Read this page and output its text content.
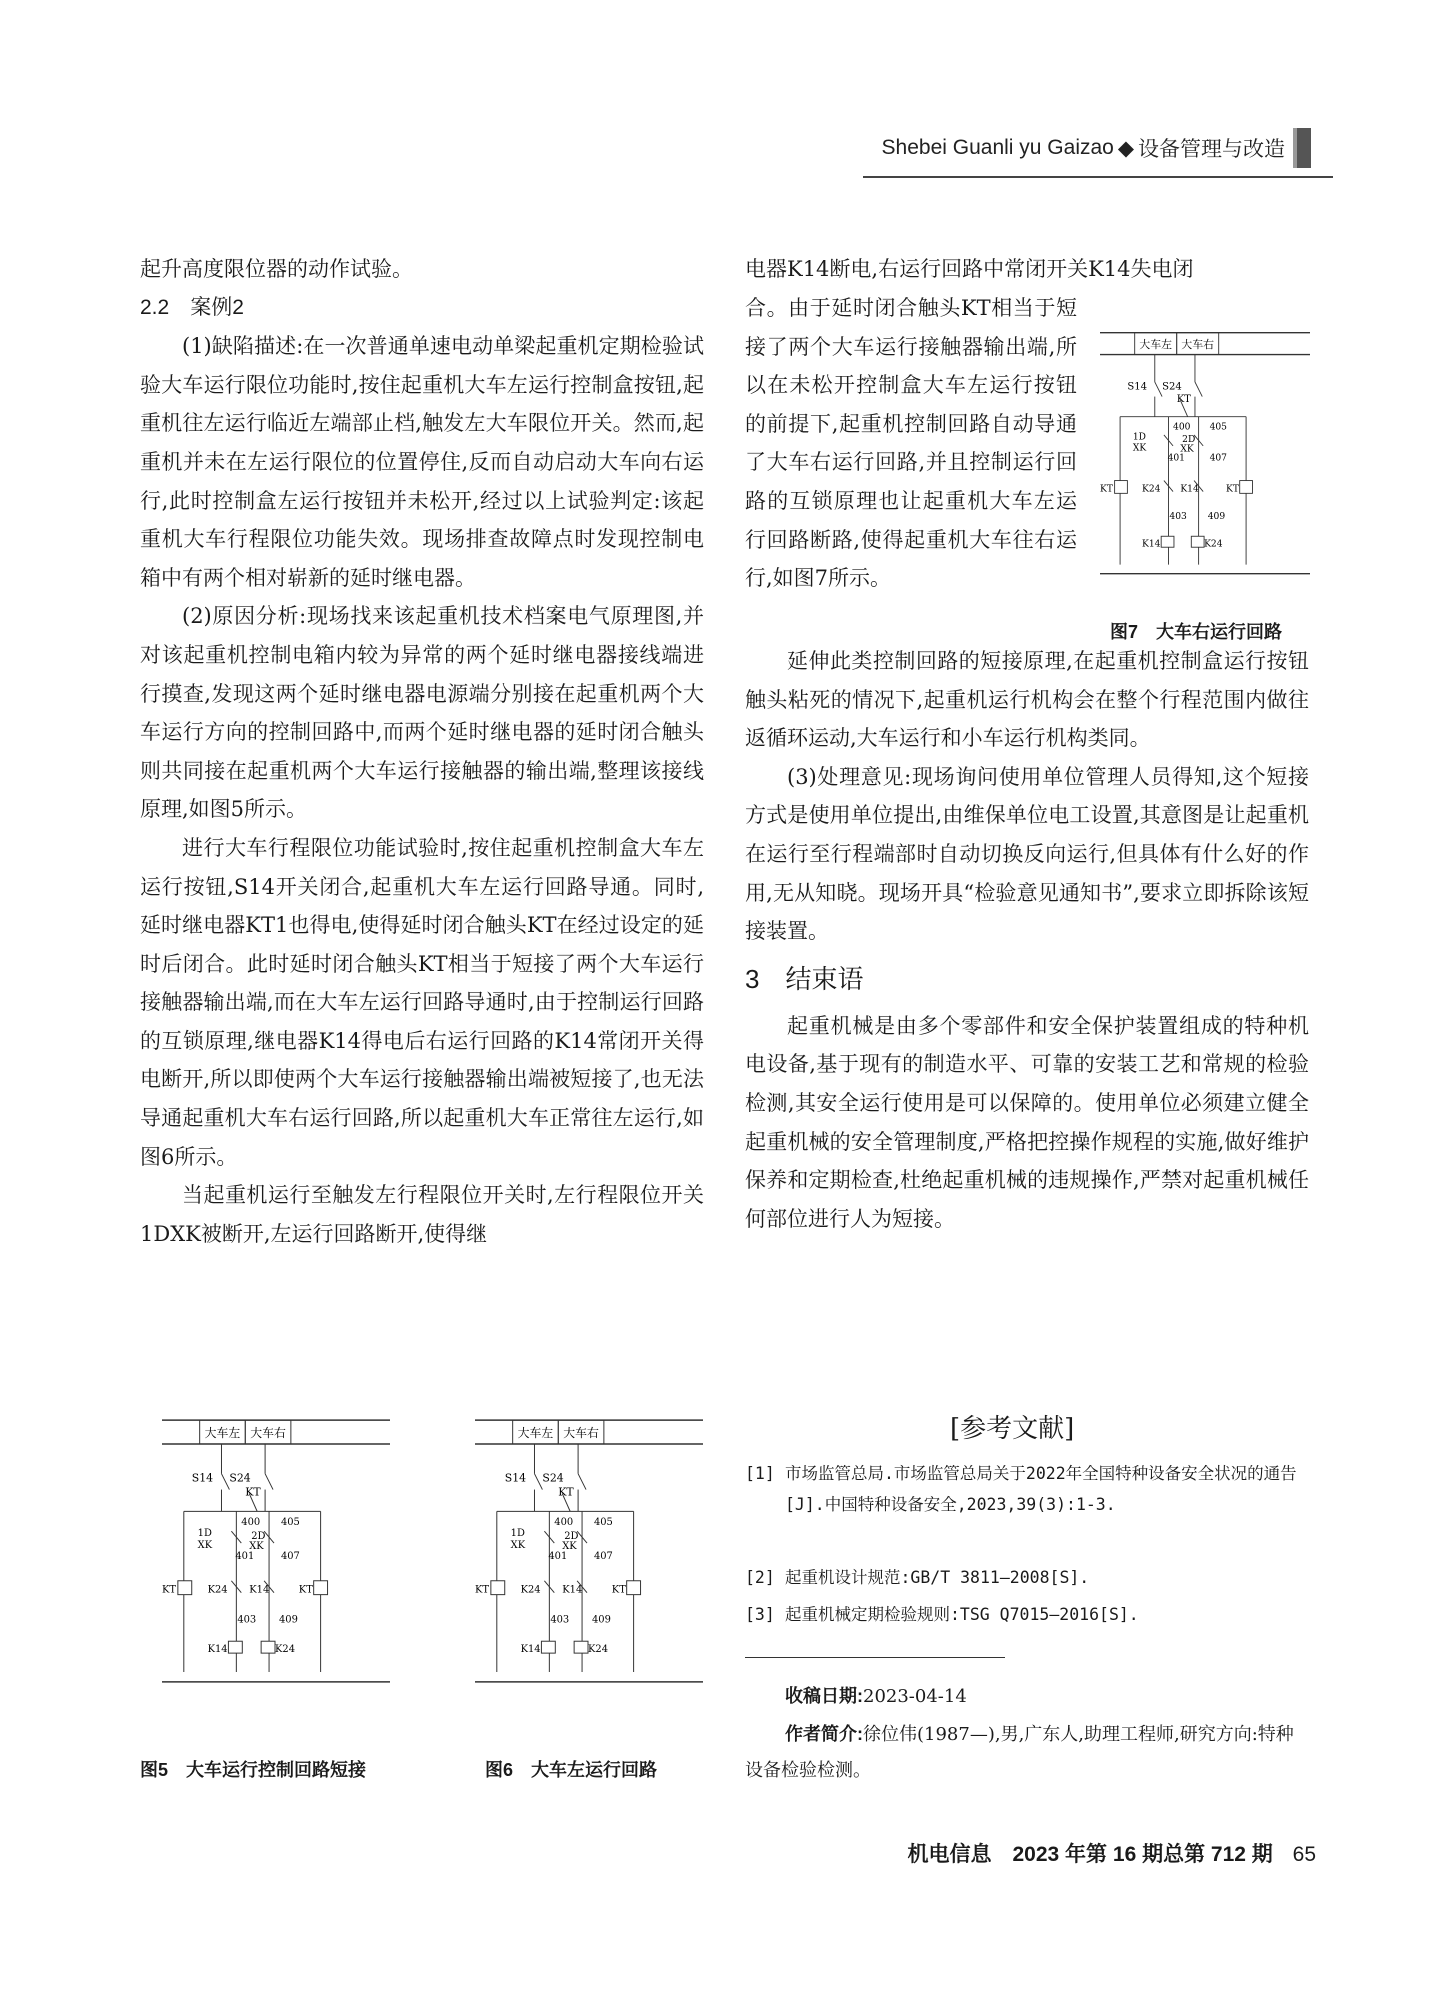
Shebei Guanli yu Gaizao ◆ 设备管理与改造

起升高度限位器的动作试验。

2.2　案例2

(1)缺陷描述:在一次普通单速电动单梁起重机定期检验试验大车运行限位功能时,按住起重机大车左运行控制盒按钮,起重机往左运行临近左端部止档,触发左大车限位开关。然而,起重机并未在左运行限位的位置停住,反而自动启动大车向右运行,此时控制盒左运行按钮并未松开,经过以上试验判定:该起重机大车行程限位功能失效。现场排查故障点时发现控制电箱中有两个相对崭新的延时继电器。

(2)原因分析:现场找来该起重机技术档案电气原理图,并对该起重机控制电箱内较为异常的两个延时继电器接线端进行摸查,发现这两个延时继电器电源端分别接在起重机两个大车运行方向的控制回路中,而两个延时继电器的延时闭合触头则共同接在起重机两个大车运行接触器的输出端,整理该接线原理,如图5所示。

进行大车行程限位功能试验时,按住起重机控制盒大车左运行按钮,S14开关闭合,起重机大车左运行回路导通。同时,延时继电器KT1也得电,使得延时闭合触头KT在经过设定的延时后闭合。此时延时闭合触头KT相当于短接了两个大车运行接触器输出端,而在大车左运行回路导通时,由于控制运行回路的互锁原理,继电器K14得电后右运行回路的K14常闭开关得电断开,所以即使两个大车运行接触器输出端被短接了,也无法导通起重机大车右运行回路,所以起重机大车正常往左运行,如图6所示。

当起重机运行至触发左行程限位开关时,左行程限位开关1DXK被断开,左运行回路断开,使得继

电器K14断电,右运行回路中常闭开关K14失电闭

合。由于延时闭合触头KT相当于短接了两个大车运行接触器输出端,所以在未松开控制盒大车左运行按钮的前提下,起重机控制回路自动导通了大车右运行回路,并且控制运行回路的互锁原理也让起重机大车左运行回路断路,使得起重机大车往右运行,如图7所示。

延伸此类控制回路的短接原理,在起重机控制盒运行按钮触头粘死的情况下,起重机运行机构会在整个行程范围内做往返循环运动,大车运行和小车运行机构类同。

(3)处理意见:现场询问使用单位管理人员得知,这个短接方式是使用单位提出,由维保单位电工设置,其意图是让起重机在运行至行程端部时自动切换反向运行,但具体有什么好的作用,无从知晓。现场开具“检验意见通知书”,要求立即拆除该短接装置。

3　结束语

起重机械是由多个零部件和安全保护装置组成的特种机电设备,基于现有的制造水平、可靠的安装工艺和常规的检验检测,其安全运行使用是可以保障的。使用单位必须建立健全起重机械的安全管理制度,严格把控操作规程的实施,做好维护保养和定期检查,杜绝起重机械的违规操作,严禁对起重机械任何部位进行人为短接。

图7　大车右运行回路
图5　大车运行控制回路短接	图6　大车左运行回路
[参考文献]
[1] 市场监管总局.市场监管总局关于2022年全国特种设备安全状况的通告[J].中国特种设备安全,2023,39(3):1-3.
[2] 起重机设计规范:GB/T 3811—2008[S].
[3] 起重机械定期检验规则:TSG Q7015—2016[S].
收稿日期:2023-04-14
作者简介:徐位伟(1987—),男,广东人,助理工程师,研究方向:特种设备检验检测。
机电信息　2023 年第 16 期总第 712 期 65
